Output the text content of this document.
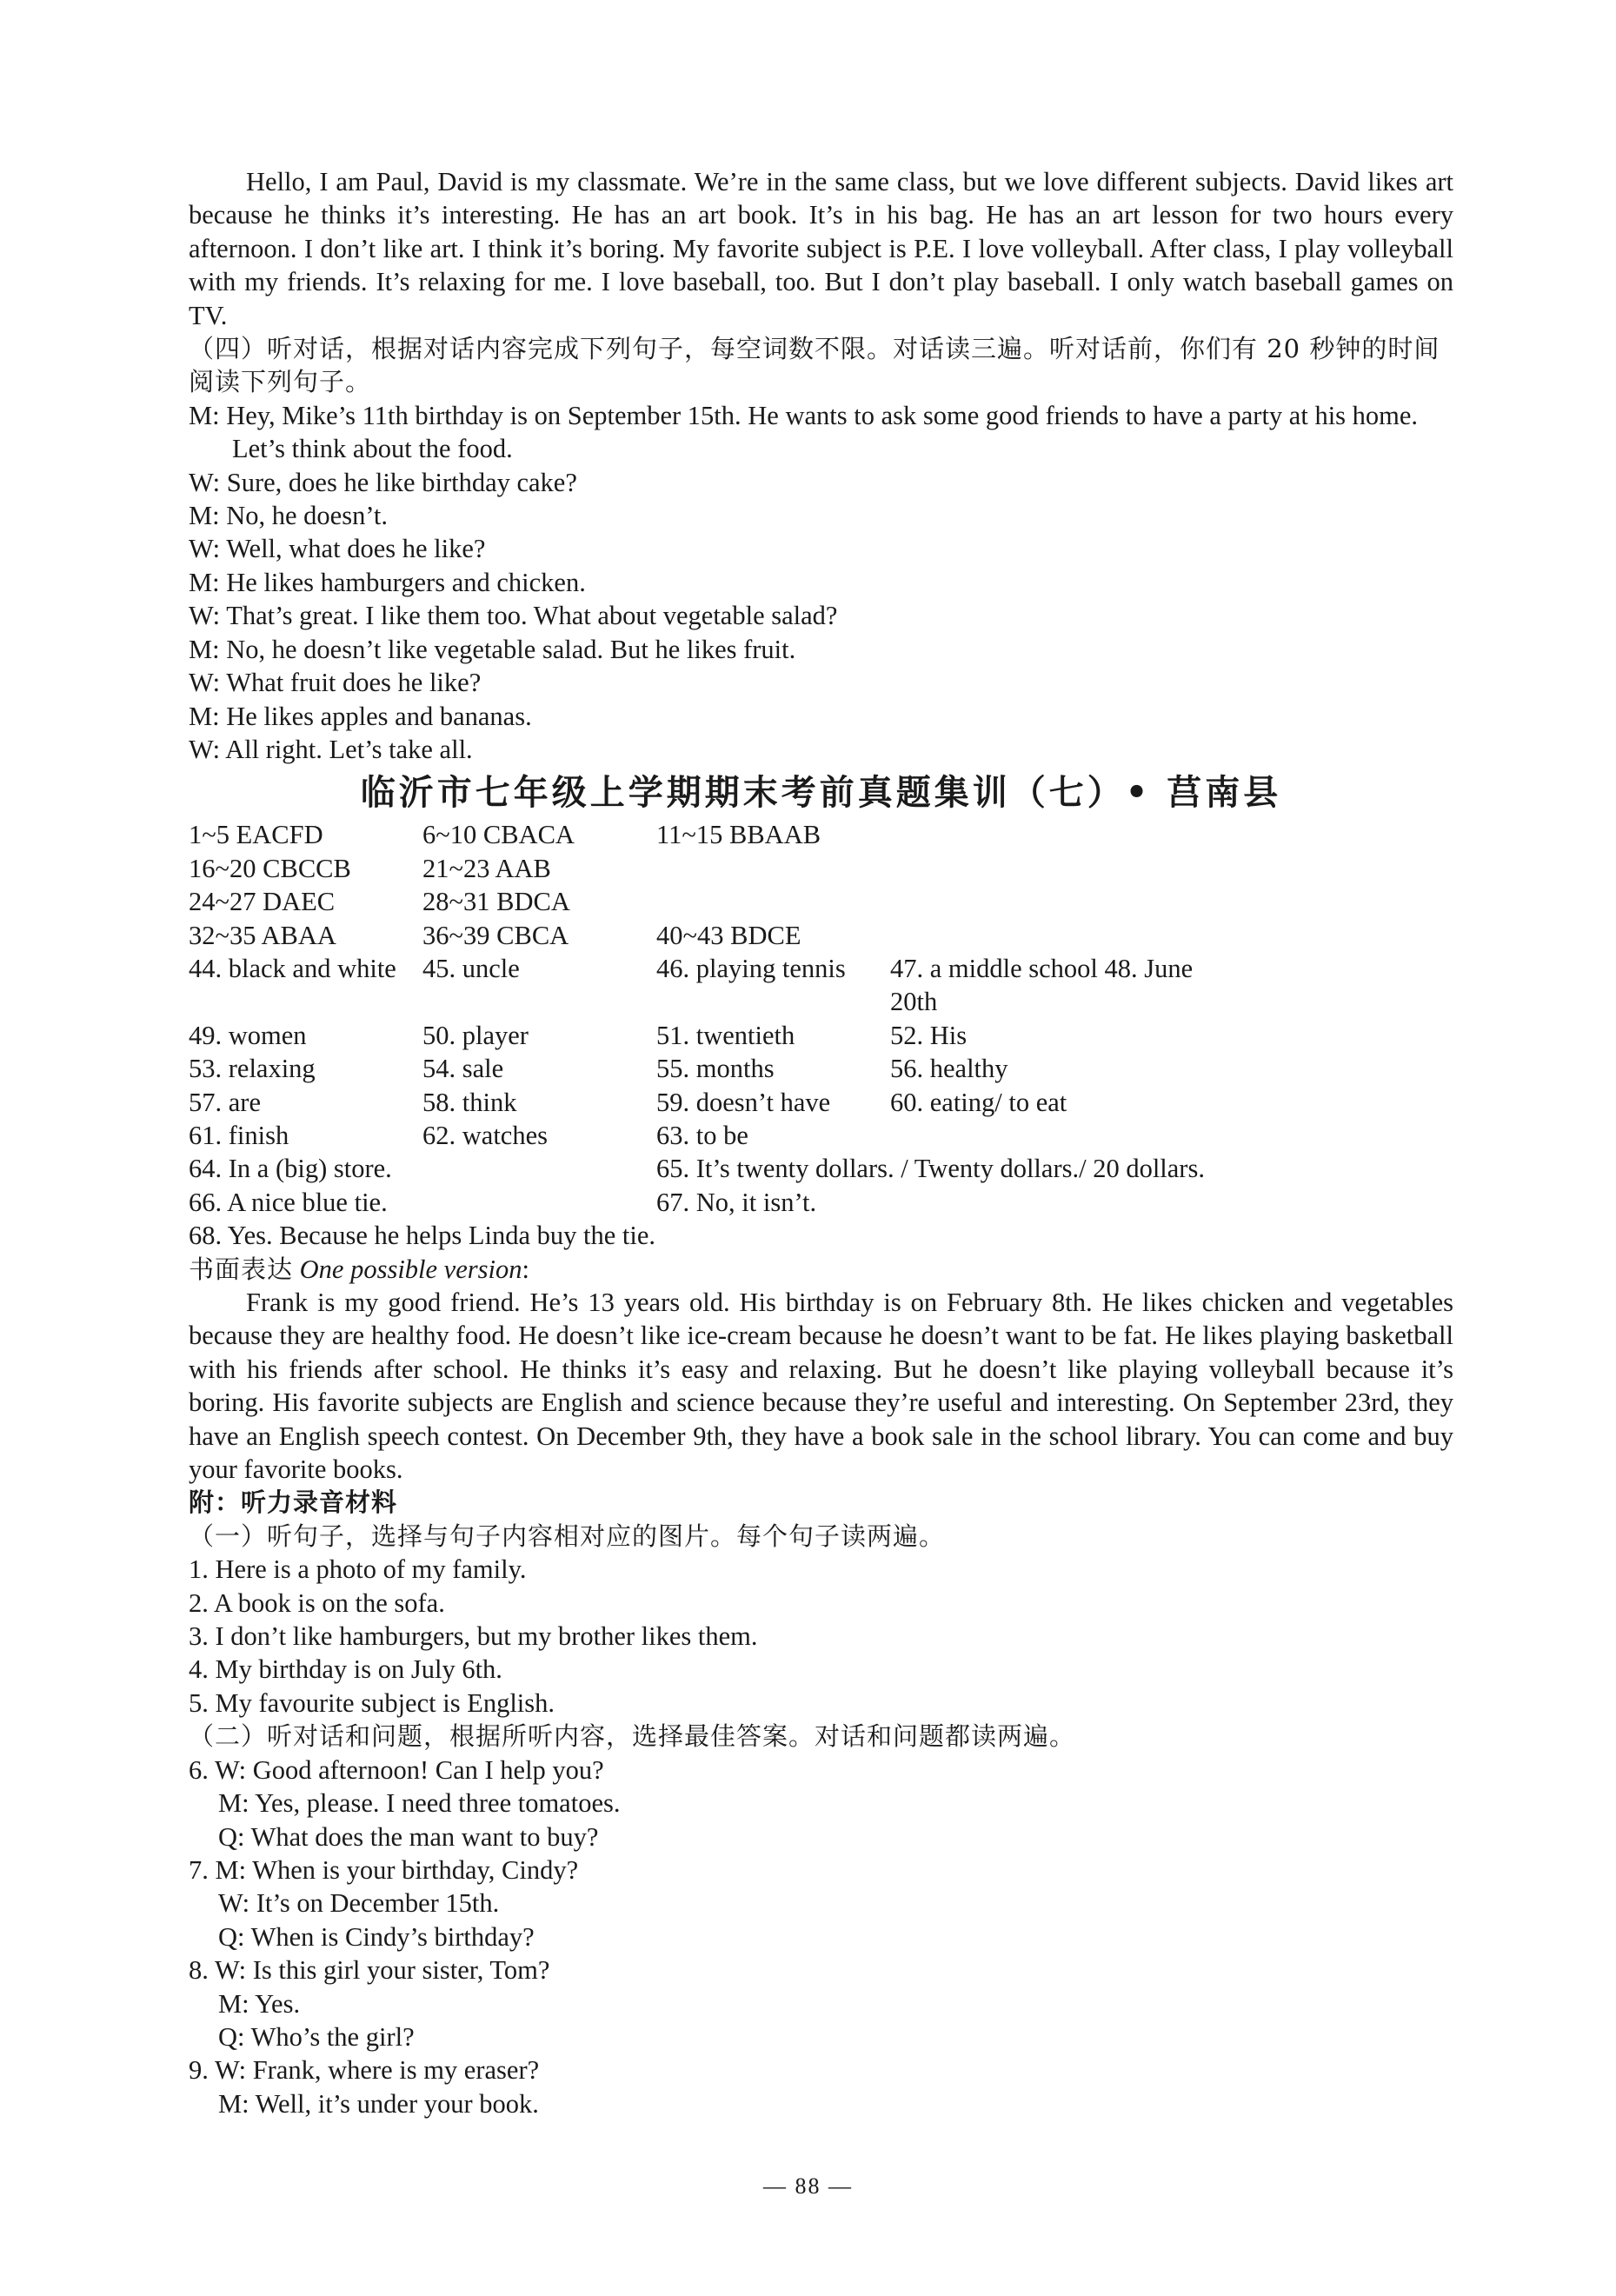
Hello, I am Paul, David is my classmate. We’re in the same class, but we love different subjects. David likes art because he thinks it’s interesting. He has an art book. It’s in his bag. He has an art lesson for two hours every afternoon. I don’t like art. I think it’s boring. My favorite subject is P.E. I love volleyball. After class, I play volleyball with my friends. It’s relaxing for me. I love baseball, too. But I don’t play baseball. I only watch baseball games on TV.

（四）听对话，根据对话内容完成下列句子，每空词数不限。对话读三遍。听对话前，你们有 20 秒钟的时间阅读下列句子。

M: Hey, Mike’s 11th birthday is on September 15th. He wants to ask some good friends to have a party at his home. Let’s think about the food.

W: Sure, does he like birthday cake?

M: No, he doesn’t.

W: Well, what does he like?

M: He likes hamburgers and chicken.

W: That’s great. I like them too. What about vegetable salad?

M: No, he doesn’t like vegetable salad. But he likes fruit.

W: What fruit does he like?

M: He likes apples and bananas.

W: All right. Let’s take all.

临沂市七年级上学期期末考前真题集训（七）• 莒南县
1~5 EACFD	6~10 CBACA	11~15 BBAAB
16~20 CBCCB	21~23 AAB
24~27 DAEC	28~31 BDCA
32~35 ABAA	36~39 CBCA	40~43 BDCE
44. black and white 45. uncle	46. playing tennis	47. a middle school 48. June 20th
49. women	50. player	51. twentieth	52. His
53. relaxing	54. sale	55. months	56. healthy
57. are	58. think	59. doesn’t have	60. eating/ to eat
61. finish	62. watches	63. to be
64. In a (big) store.	65. It’s twenty dollars. / Twenty dollars./ 20 dollars.
66. A nice blue tie.	67. No, it isn’t.

68. Yes. Because he helps Linda buy the tie.

书面表达 One possible version:

Frank is my good friend. He’s 13 years old. His birthday is on February 8th. He likes chicken and vegetables because they are healthy food. He doesn’t like ice-cream because he doesn’t want to be fat. He likes playing basketball with his friends after school. He thinks it’s easy and relaxing. But he doesn’t like playing volleyball because it’s boring. His favorite subjects are English and science because they’re useful and interesting. On September 23rd, they have an English speech contest. On December 9th, they have a book sale in the school library. You can come and buy your favorite books.

附：听力录音材料

（一）听句子，选择与句子内容相对应的图片。每个句子读两遍。

1. Here is a photo of my family.

2. A book is on the sofa.

3. I don’t like hamburgers, but my brother likes them.

4. My birthday is on July 6th.

5. My favourite subject is English.

（二）听对话和问题，根据所听内容，选择最佳答案。对话和问题都读两遍。

6. W: Good afternoon! Can I help you?

M: Yes, please. I need three tomatoes.

Q: What does the man want to buy?

7. M: When is your birthday, Cindy?

W: It’s on December 15th.

Q: When is Cindy’s birthday?

8. W: Is this girl your sister, Tom?

M: Yes.

Q: Who’s the girl?

9. W: Frank, where is my eraser?

M: Well, it’s under your book.

— 88 —
